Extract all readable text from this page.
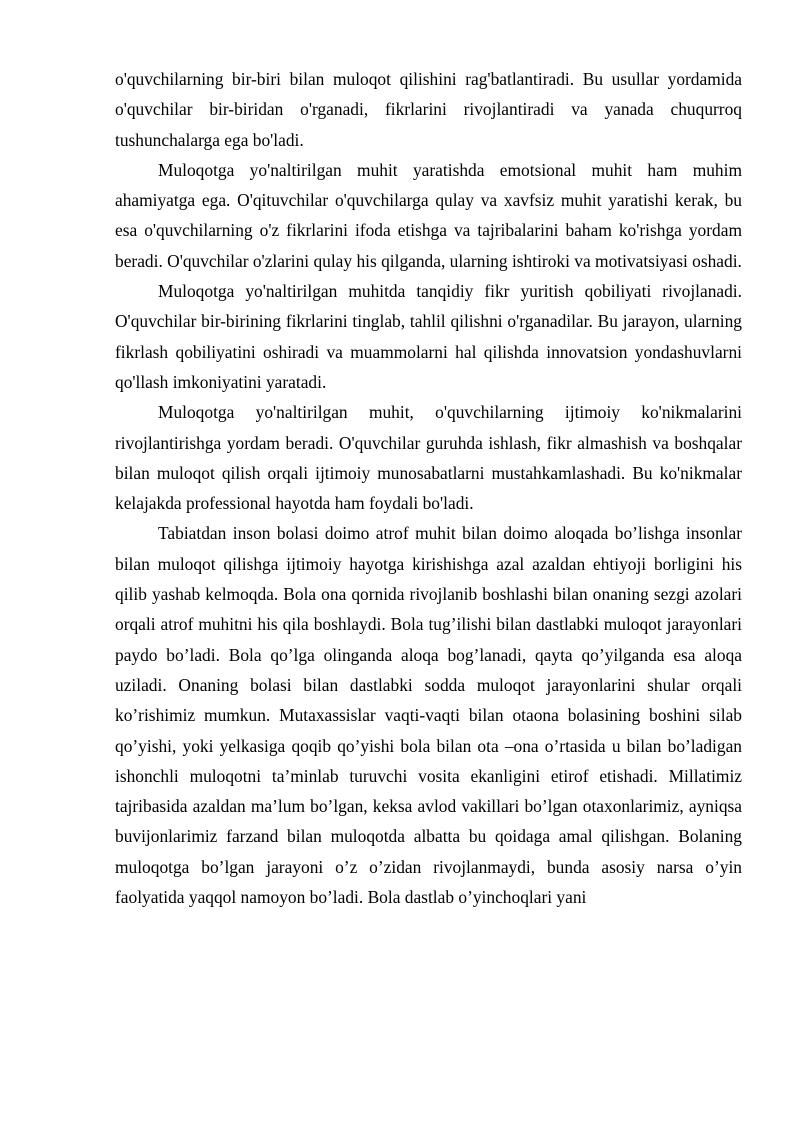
o'quvchilarning bir-biri bilan muloqot qilishini rag'batlantiradi. Bu usullar yordamida o'quvchilar bir-biridan o'rganadi, fikrlarini rivojlantiradi va yanada chuqurroq tushunchalarga ega bo'ladi.

Muloqotga yo'naltirilgan muhit yaratishda emotsional muhit ham muhim ahamiyatga ega. O'qituvchilar o'quvchilarga qulay va xavfsiz muhit yaratishi kerak, bu esa o'quvchilarning o'z fikrlarini ifoda etishga va tajribalarini baham ko'rishga yordam beradi. O'quvchilar o'zlarini qulay his qilganda, ularning ishtiroki va motivatsiyasi oshadi.

Muloqotga yo'naltirilgan muhitda tanqidiy fikr yuritish qobiliyati rivojlanadi. O'quvchilar bir-birining fikrlarini tinglab, tahlil qilishni o'rganadilar. Bu jarayon, ularning fikrlash qobiliyatini oshiradi va muammolarni hal qilishda innovatsion yondashuvlarni qo'llash imkoniyatini yaratadi.

Muloqotga yo'naltirilgan muhit, o'quvchilarning ijtimoiy ko'nikmalarini rivojlantirishga yordam beradi. O'quvchilar guruhda ishlash, fikr almashish va boshqalar bilan muloqot qilish orqali ijtimoiy munosabatlarni mustahkamlashadi. Bu ko'nikmalar kelajakda professional hayotda ham foydali bo'ladi.

Tabiatdan inson bolasi doimo atrof muhit bilan doimo aloqada bo’lishga insonlar bilan muloqot qilishga ijtimoiy hayotga kirishishga azal azaldan ehtiyoji borligini his qilib yashab kelmoqda. Bola ona qornida rivojlanib boshlashi bilan onaning sezgi azolari orqali atrof muhitni his qila boshlaydi. Bola tug’ilishi bilan dastlabki muloqot jarayonlari paydo bo’ladi. Bola qo’lga olinganda aloqa bog’lanadi, qayta qo’yilganda esa aloqa uziladi. Onaning bolasi bilan dastlabki sodda muloqot jarayonlarini shular orqali ko’rishimiz mumkun. Mutaxassislar vaqti-vaqti bilan otaona bolasining boshini silab qo’yishi, yoki yelkasiga qoqib qo’yishi bola bilan ota –ona o’rtasida u bilan bo’ladigan ishonchli muloqotni ta’minlab turuvchi vosita ekanligini etirof etishadi. Millatimiz tajribasida azaldan ma’lum bo’lgan, keksa avlod vakillari bo’lgan otaxonlarimiz, ayniqsa buvijonlarimiz farzand bilan muloqotda albatta bu qoidaga amal qilishgan. Bolaning muloqotga bo’lgan jarayoni o’z o’zidan rivojlanmaydi, bunda asosiy narsa o’yin faolyatida yaqqol namoyon bo’ladi. Bola dastlab o’yinchoqlari yani
